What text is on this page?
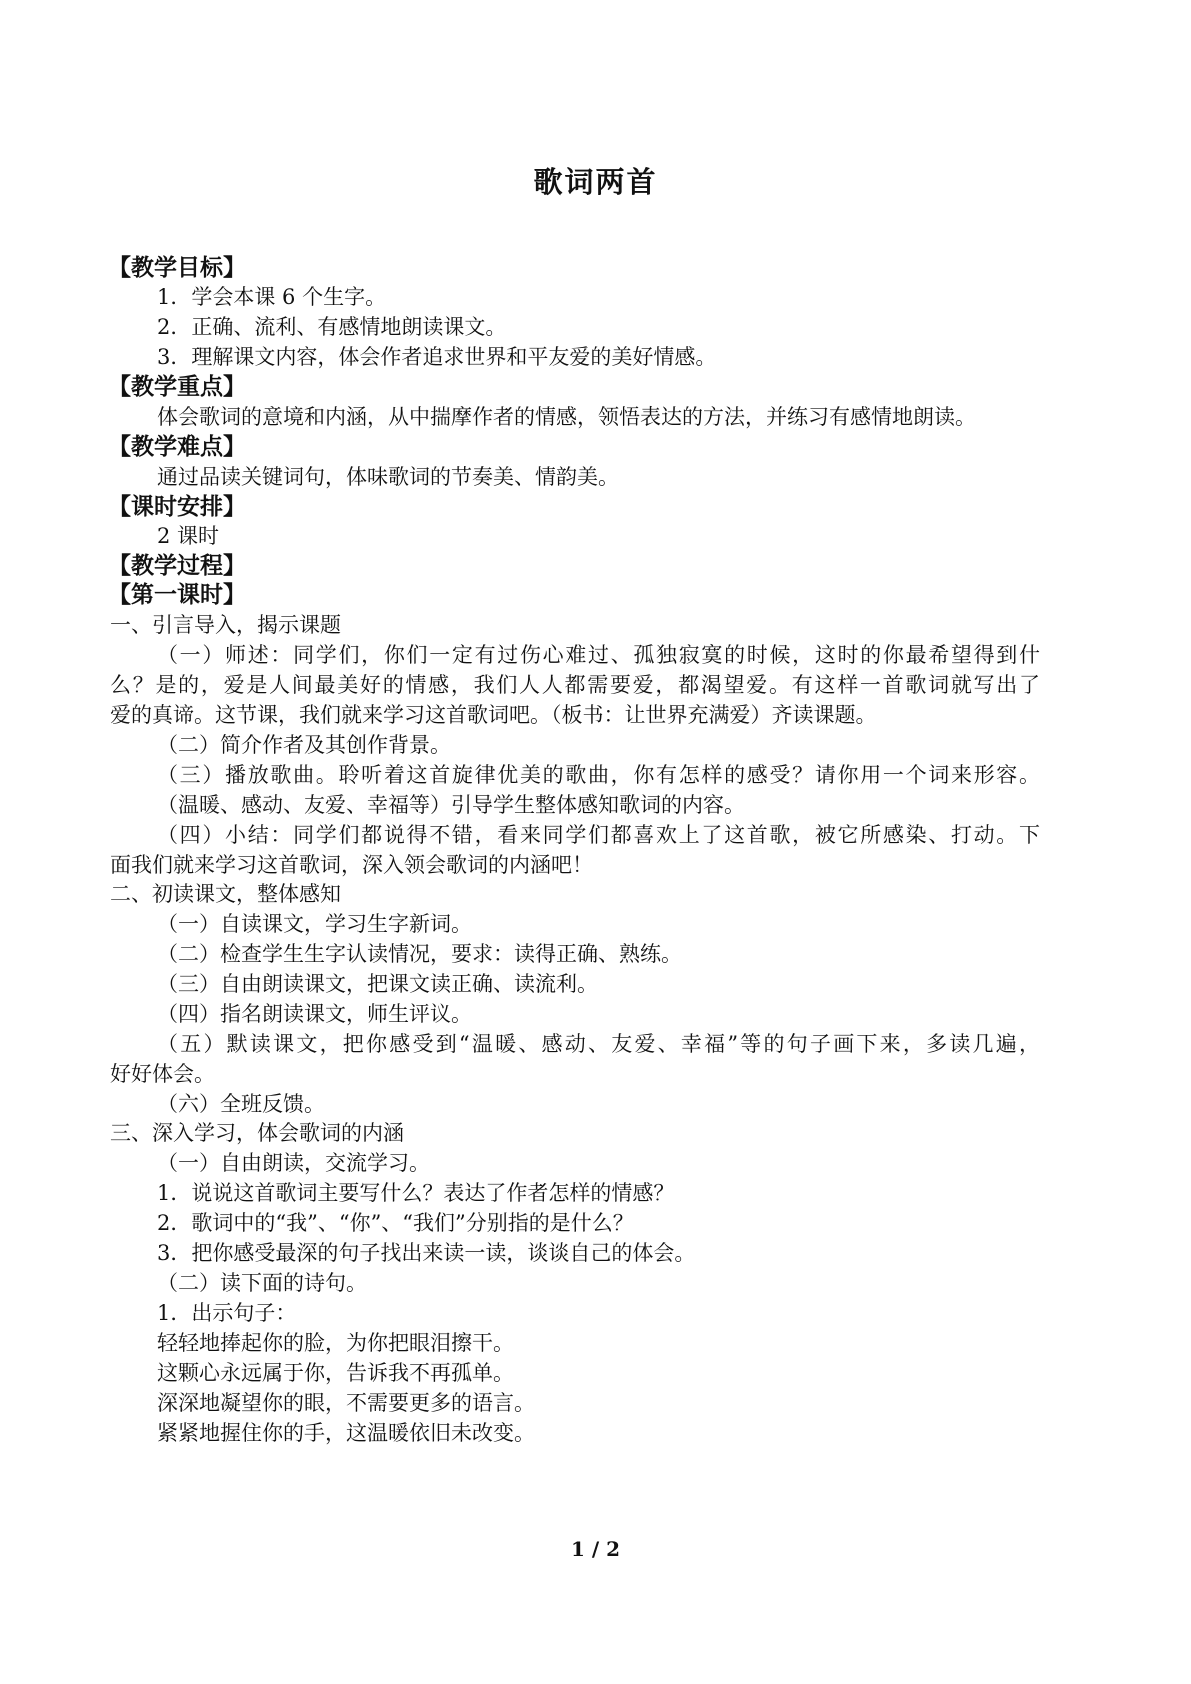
歌词两首
【教学目标】
1．学会本课 6 个生字。
2．正确、流利、有感情地朗读课文。
3．理解课文内容，体会作者追求世界和平友爱的美好情感。
【教学重点】
体会歌词的意境和内涵，从中揣摩作者的情感，领悟表达的方法，并练习有感情地朗读。
【教学难点】
通过品读关键词句，体味歌词的节奏美、情韵美。
【课时安排】
2 课时
【教学过程】
【第一课时】
一、引言导入，揭示课题
（一）师述：同学们，你们一定有过伤心难过、孤独寂寞的时候，这时的你最希望得到什
么？是的，爱是人间最美好的情感，我们人人都需要爱，都渴望爱。有这样一首歌词就写出了
爱的真谛。这节课，我们就来学习这首歌词吧。（板书：让世界充满爱）齐读课题。
（二）简介作者及其创作背景。
（三）播放歌曲。聆听着这首旋律优美的歌曲，你有怎样的感受？请你用一个词来形容。
（温暖、感动、友爱、幸福等）引导学生整体感知歌词的内容。
（四）小结：同学们都说得不错，看来同学们都喜欢上了这首歌，被它所感染、打动。下
面我们就来学习这首歌词，深入领会歌词的内涵吧！
二、初读课文，整体感知
（一）自读课文，学习生字新词。
（二）检查学生生字认读情况，要求：读得正确、熟练。
（三）自由朗读课文，把课文读正确、读流利。
（四）指名朗读课文，师生评议。
（五）默读课文，把你感受到“温暖、感动、友爱、幸福”等的句子画下来，多读几遍，
好好体会。
（六）全班反馈。
三、深入学习，体会歌词的内涵
（一）自由朗读，交流学习。
1．说说这首歌词主要写什么？表达了作者怎样的情感？
2．歌词中的“我”、“你”、“我们”分别指的是什么？
3．把你感受最深的句子找出来读一读，谈谈自己的体会。
（二）读下面的诗句。
1．出示句子：
轻轻地捧起你的脸，为你把眼泪擦干。
这颗心永远属于你，告诉我不再孤单。
深深地凝望你的眼，不需要更多的语言。
紧紧地握住你的手，这温暖依旧未改变。
1 / 2
